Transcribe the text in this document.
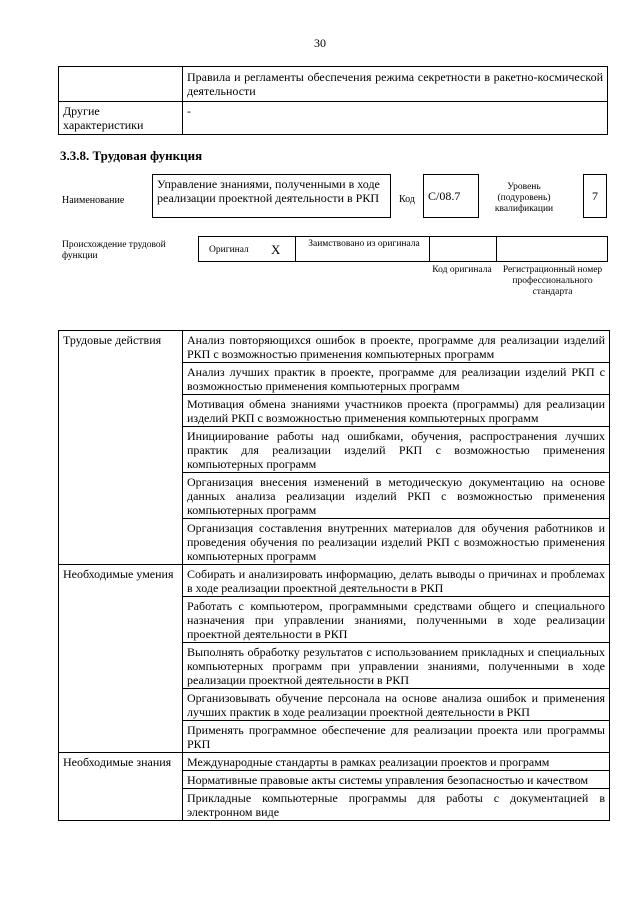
30
	Правила и регламенты обеспечения режима секретности в ракетно-космической деятельности
Другие характеристики	-
3.3.8. Трудовая функция
Наименование
Управление знаниями, полученными в ходе реализации проектной деятельности в РКП	Код	C/08.7
Уровень (подуровень) квалификации
7
Происхождение трудовой функции
Оригинал X	Заимствовано из оригинала
Код оригинала Регистрационный номер профессионального стандарта
Трудовые действия	Анализ повторяющихся ошибок в проекте, программе для реализации изделий РКП с возможностью применения компьютерных программ
	Анализ лучших практик в проекте, программе для реализации изделий РКП с возможностью применения компьютерных программ
	Мотивация обмена знаниями участников проекта (программы) для реализации изделий РКП с возможностью применения компьютерных программ
	Инициирование работы над ошибками, обучения, распространения лучших практик для реализации изделий РКП с возможностью применения компьютерных программ
	Организация внесения изменений в методическую документацию на основе данных анализа реализации изделий РКП с возможностью применения компьютерных программ
	Организация составления внутренних материалов для обучения работников и проведения обучения по реализации изделий РКП с возможностью применения компьютерных программ
Необходимые умения	Собирать и анализировать информацию, делать выводы о причинах и проблемах в ходе реализации проектной деятельности в РКП
	Работать с компьютером, программными средствами общего и специального назначения при управлении знаниями, полученными в ходе реализации проектной деятельности в РКП
	Выполнять обработку результатов с использованием прикладных и специальных компьютерных программ при управлении знаниями, полученными в ходе реализации проектной деятельности в РКП
	Организовывать обучение персонала на основе анализа ошибок и применения лучших практик в ходе реализации проектной деятельности в РКП
	Применять программное обеспечение для реализации проекта или программы РКП
Необходимые знания	Международные стандарты в рамках реализации проектов и программ
	Нормативные правовые акты системы управления безопасностью и качеством
	Прикладные компьютерные программы для работы с документацией в электронном виде
